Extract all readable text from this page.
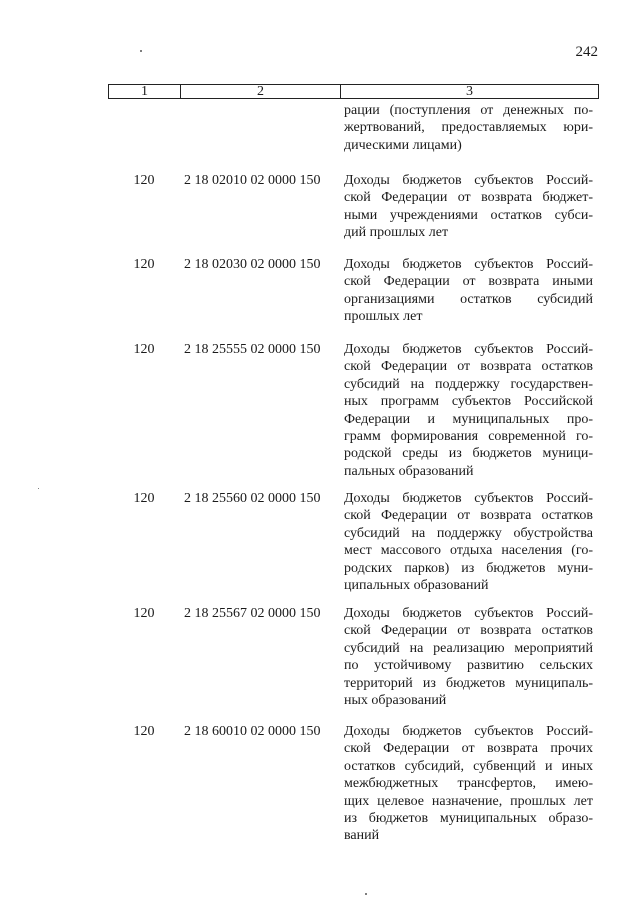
242
1	2	3
рации (поступления от денежных по-
жертвований, предоставляемых юри-
дическими лицами)
120	2 18 02010 02 0000 150	Доходы бюджетов субъектов Россий-
ской Федерации от возврата бюджет-
ными учреждениями остатков субси-
дий прошлых лет
120	2 18 02030 02 0000 150	Доходы бюджетов субъектов Россий-
ской Федерации от возврата иными
организациями остатков субсидий
прошлых лет
120	2 18 25555 02 0000 150	Доходы бюджетов субъектов Россий-
ской Федерации от возврата остатков
субсидий на поддержку государствен-
ных программ субъектов Российской
Федерации и муниципальных про-
грамм формирования современной го-
родской среды из бюджетов муници-
пальных образований
120	2 18 25560 02 0000 150	Доходы бюджетов субъектов Россий-
ской Федерации от возврата остатков
субсидий на поддержку обустройства
мест массового отдыха населения (го-
родских парков) из бюджетов муни-
ципальных образований
120	2 18 25567 02 0000 150	Доходы бюджетов субъектов Россий-
ской Федерации от возврата остатков
субсидий на реализацию мероприятий
по устойчивому развитию сельских
территорий из бюджетов муниципаль-
ных образований
120	2 18 60010 02 0000 150	Доходы бюджетов субъектов Россий-
ской Федерации от возврата прочих
остатков субсидий, субвенций и иных
межбюджетных трансфертов, имею-
щих целевое назначение, прошлых лет
из бюджетов муниципальных образо-
ваний
